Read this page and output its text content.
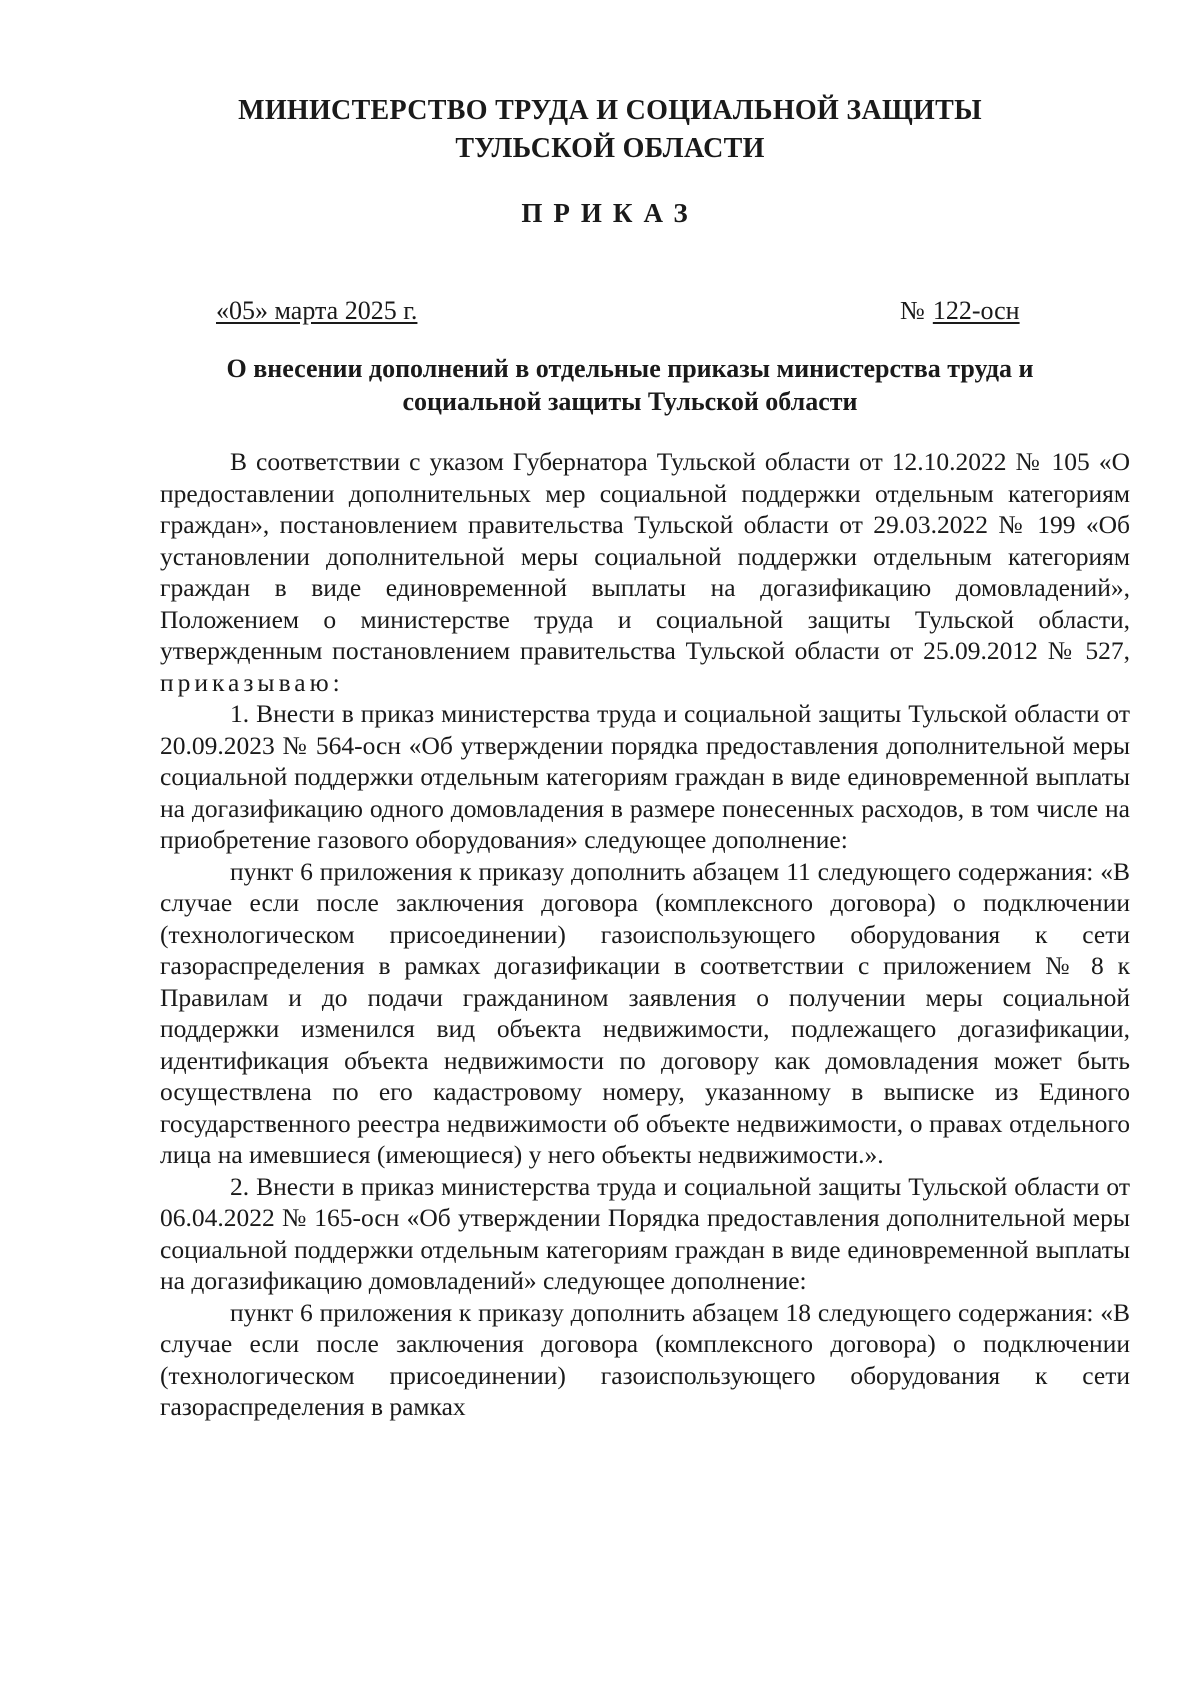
МИНИСТЕРСТВО ТРУДА И СОЦИАЛЬНОЙ ЗАЩИТЫ
ТУЛЬСКОЙ ОБЛАСТИ
ПРИКАЗ
«05» марта 2025 г.	№ 122-осн
О внесении дополнений в отдельные приказы министерства труда и
социальной защиты Тульской области

В соответствии с указом Губернатора Тульской области от 12.10.2022 № 105 «О предоставлении дополнительных мер социальной поддержки отдельным категориям граждан», постановлением правительства Тульской области от 29.03.2022 № 199 «Об установлении дополнительной меры социальной поддержки отдельным категориям граждан в виде единовременной выплаты на догазификацию домовладений», Положением о министерстве труда и социальной защиты Тульской области, утвержденным постановлением правительства Тульской области от 25.09.2012 № 527, приказываю:

1. Внести в приказ министерства труда и социальной защиты Тульской области от 20.09.2023 № 564-осн «Об утверждении порядка предоставления дополнительной меры социальной поддержки отдельным категориям граждан в виде единовременной выплаты на догазификацию одного домовладения в размере понесенных расходов, в том числе на приобретение газового оборудования» следующее дополнение:

пункт 6 приложения к приказу дополнить абзацем 11 следующего содержания: «В случае если после заключения договора (комплексного договора) о подключении (технологическом присоединении) газоиспользующего оборудования к сети газораспределения в рамках догазификации в соответствии с приложением № 8 к Правилам и до подачи гражданином заявления о получении меры социальной поддержки изменился вид объекта недвижимости, подлежащего догазификации, идентификация объекта недвижимости по договору как домовладения может быть осуществлена по его кадастровому номеру, указанному в выписке из Единого государственного реестра недвижимости об объекте недвижимости, о правах отдельного лица на имевшиеся (имеющиеся) у него объекты недвижимости.».

2. Внести в приказ министерства труда и социальной защиты Тульской области от 06.04.2022 № 165-осн «Об утверждении Порядка предоставления дополнительной меры социальной поддержки отдельным категориям граждан в виде единовременной выплаты на догазификацию домовладений» следующее дополнение:

пункт 6 приложения к приказу дополнить абзацем 18 следующего содержания: «В случае если после заключения договора (комплексного договора) о подключении (технологическом присоединении) газоиспользующего оборудования к сети газораспределения в рамках
